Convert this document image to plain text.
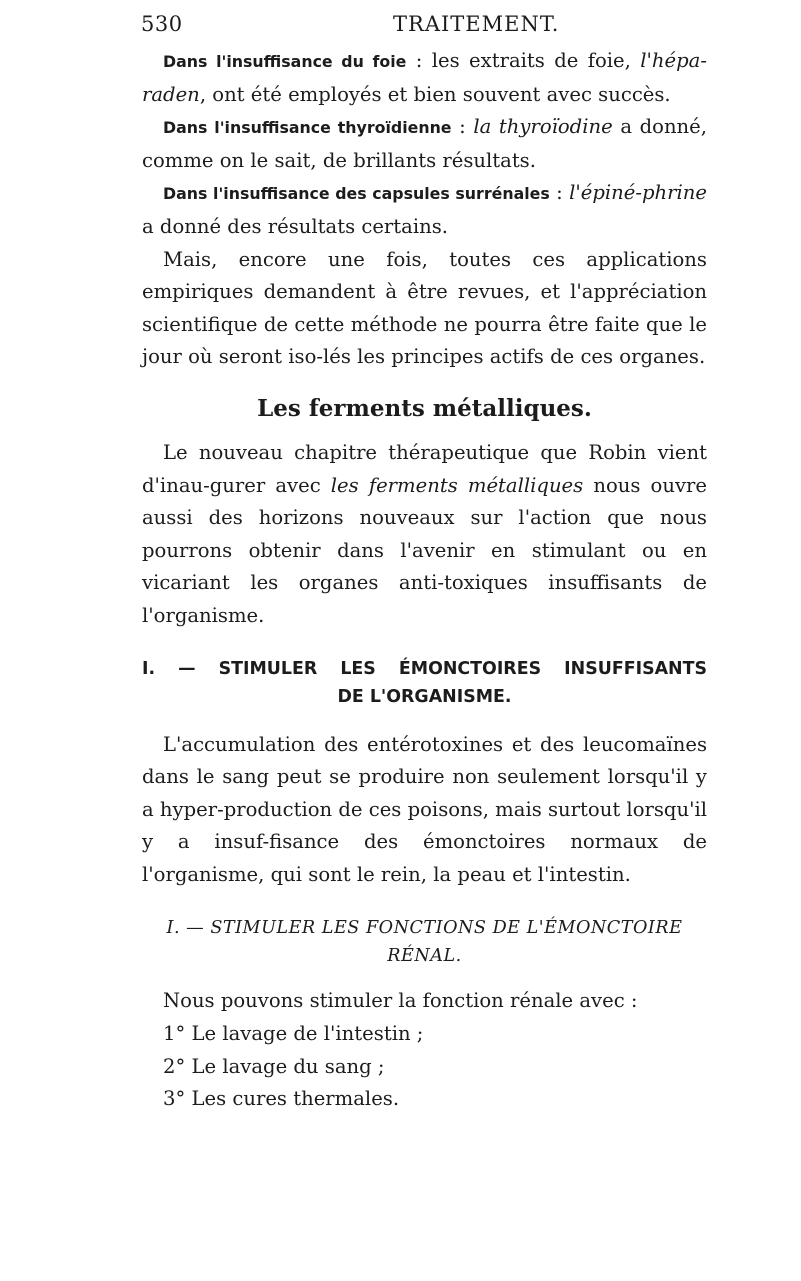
530	TRAITEMENT.

Dans l'insuffisance du foie : les extraits de foie, l'hépa-raden, ont été employés et bien souvent avec succès.

Dans l'insuffisance thyroïdienne : la thyroïodine a donné, comme on le sait, de brillants résultats.

Dans l'insuffisance des capsules surrénales : l'épiné-phrine a donné des résultats certains.

Mais, encore une fois, toutes ces applications empiriques demandent à être revues, et l'appréciation scientifique de cette méthode ne pourra être faite que le jour où seront iso-lés les principes actifs de ces organes.

Les ferments métalliques.

Le nouveau chapitre thérapeutique que Robin vient d'inau-gurer avec les ferments métalliques nous ouvre aussi des horizons nouveaux sur l'action que nous pourrons obtenir dans l'avenir en stimulant ou en vicariant les organes anti-toxiques insuffisants de l'organisme.

I. — STIMULER LES ÉMONCTOIRES INSUFFISANTS
DE L'ORGANISME.

L'accumulation des entérotoxines et des leucomaïnes dans le sang peut se produire non seulement lorsqu'il y a hyper-production de ces poisons, mais surtout lorsqu'il y a insuf-fisance des émonctoires normaux de l'organisme, qui sont le rein, la peau et l'intestin.

I. — STIMULER LES FONCTIONS DE L'ÉMONCTOIRE
RÉNAL.

Nous pouvons stimuler la fonction rénale avec :

1° Le lavage de l'intestin ;

2° Le lavage du sang ;

3° Les cures thermales.
